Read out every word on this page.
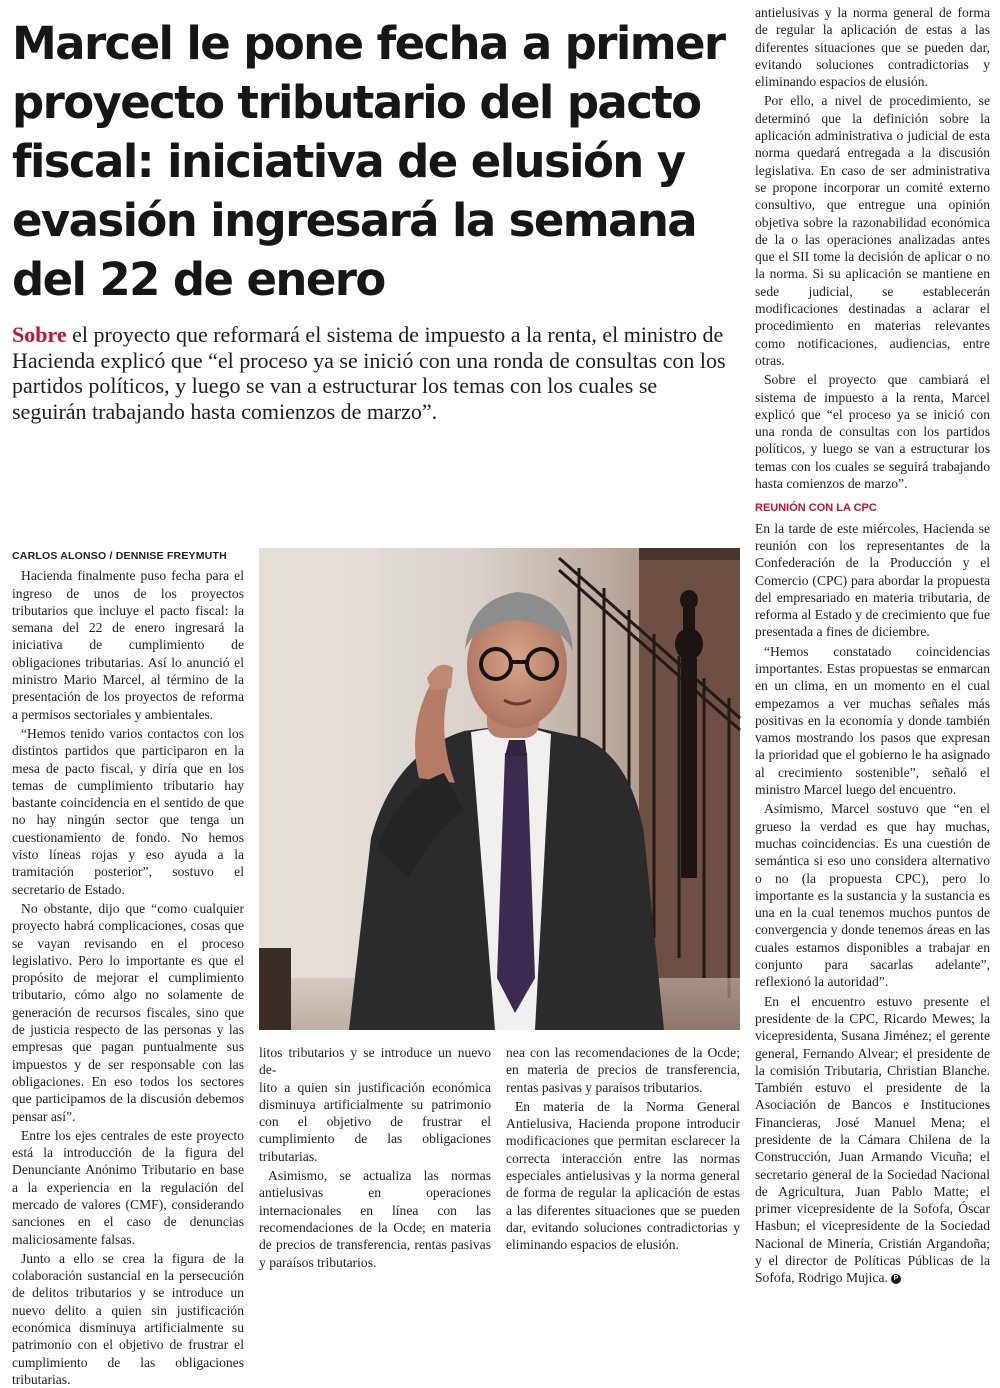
Marcel le pone fecha a primer proyecto tributario del pacto fiscal: iniciativa de elusión y evasión ingresará la semana del 22 de enero

Sobre el proyecto que reformará el sistema de impuesto a la renta, el ministro de Hacienda explicó que “el proceso ya se inició con una ronda de consultas con los partidos políticos, y luego se van a estructurar los temas con los cuales se seguirán trabajando hasta comienzos de marzo”.

CARLOS ALONSO / DENNISE FREYMUTH

Hacienda finalmente puso fecha para el ingreso de unos de los proyectos tributarios que incluye el pacto fiscal: la semana del 22 de enero ingresará la iniciativa de cumplimiento de obligaciones tributarias. Así lo anunció el ministro Mario Marcel, al término de la presentación de los proyectos de reforma a permisos sectoriales y ambientales.

“Hemos tenido varios contactos con los distintos partidos que participaron en la mesa de pacto fiscal, y diría que en los temas de cumplimiento tributario hay bastante coincidencia en el sentido de que no hay ningún sector que tenga un cuestionamiento de fondo. No hemos visto líneas rojas y eso ayuda a la tramitación posterior”, sostuvo el secretario de Estado.

No obstante, dijo que “como cualquier proyecto habrá complicaciones, cosas que se vayan revisando en el proceso legislativo. Pero lo importante es que el propósito de mejorar el cumplimiento tributario, cómo algo no solamente de generación de recursos fiscales, sino que de justicia respecto de las personas y las empresas que pagan puntualmente sus impuestos y de ser responsable con las obligaciones. En eso todos los sectores que participamos de la discusión debemos pensar así”.

Entre los ejes centrales de este proyecto está la introducción de la figura del Denunciante Anónimo Tributario en base a la experiencia en la regulación del mercado de valores (CMF), considerando sanciones en el caso de denuncias maliciosamente falsas.

Junto a ello se crea la figura de la colaboración sustancial en la persecución de delitos tributarios y se introduce un nuevo delito a quien sin justificación económica disminuya artificialmente su patrimonio con el objetivo de frustrar el cumplimiento de las obligaciones tributarias.

litos tributarios y se introduce un nuevo de-

lito a quien sin justificación económica disminuya artificialmente su patrimonio con el objetivo de frustrar el cumplimiento de las obligaciones tributarias.

Asimismo, se actualiza las normas antielusivas en operaciones internacionales en línea con las recomendaciones de la Ocde; en materia de precios de transferencia, rentas pasivas y paraísos tributarios.

nea con las recomendaciones de la Ocde; en materia de precios de transferencia, rentas pasivas y paraísos tributarios.

En materia de la Norma General Antielusiva, Hacienda propone introducir modificaciones que permitan esclarecer la correcta interacción entre las normas especiales antielusivas y la norma general de forma de regular la aplicación de estas a las diferentes situaciones que se pueden dar, evitando soluciones contradictorias y eliminando espacios de elusión.

antielusivas y la norma general de forma de regular la aplicación de estas a las diferentes situaciones que se pueden dar, evitando soluciones contradictorias y eliminando espacios de elusión.

Por ello, a nivel de procedimiento, se determinó que la definición sobre la aplicación administrativa o judicial de esta norma quedará entregada a la discusión legislativa. En caso de ser administrativa se propone incorporar un comité externo consultivo, que entregue una opinión objetiva sobre la razonabilidad económica de la o las operaciones analizadas antes que el SII tome la decisión de aplicar o no la norma. Si su aplicación se mantiene en sede judicial, se establecerán modificaciones destinadas a aclarar el procedimiento en materias relevantes como notificaciones, audiencias, entre otras.

Sobre el proyecto que cambiará el sistema de impuesto a la renta, Marcel explicó que “el proceso ya se inició con una ronda de consultas con los partidos políticos, y luego se van a estructurar los temas con los cuales se seguirá trabajando hasta comienzos de marzo”.

REUNIÓN CON LA CPC

En la tarde de este miércoles, Hacienda se reunión con los representantes de la Confederación de la Producción y el Comercio (CPC) para abordar la propuesta del empresariado en materia tributaria, de reforma al Estado y de crecimiento que fue presentada a fines de diciembre.

“Hemos constatado coincidencias importantes. Estas propuestas se enmarcan en un clima, en un momento en el cual empezamos a ver muchas señales más positivas en la economía y donde también vamos mostrando los pasos que expresan la prioridad que el gobierno le ha asignado al crecimiento sostenible”, señaló el ministro Marcel luego del encuentro.

Asimismo, Marcel sostuvo que “en el grueso la verdad es que hay muchas, muchas coincidencias. Es una cuestión de semántica si eso uno considera alternativo o no (la propuesta CPC), pero lo importante es la sustancia y la sustancia es una en la cual tenemos muchos puntos de convergencia y donde tenemos áreas en las cuales estamos disponibles a trabajar en conjunto para sacarlas adelante”, reflexionó la autoridad”.

En el encuentro estuvo presente el presidente de la CPC, Ricardo Mewes; la vicepresidenta, Susana Jiménez; el gerente general, Fernando Alvear; el presidente de la comisión Tributaria, Christian Blanche. También estuvo el presidente de la Asociación de Bancos e Instituciones Financieras, José Manuel Mena; el presidente de la Cámara Chilena de la Construcción, Juan Armando Vicuña; el secretario general de la Sociedad Nacional de Agricultura, Juan Pablo Matte; el primer vicepresidente de la Sofofa, Óscar Hasbun; el vicepresidente de la Sociedad Nacional de Minería, Cristián Argandoña; y el director de Políticas Públicas de la Sofofa, Rodrigo Mujica. P
